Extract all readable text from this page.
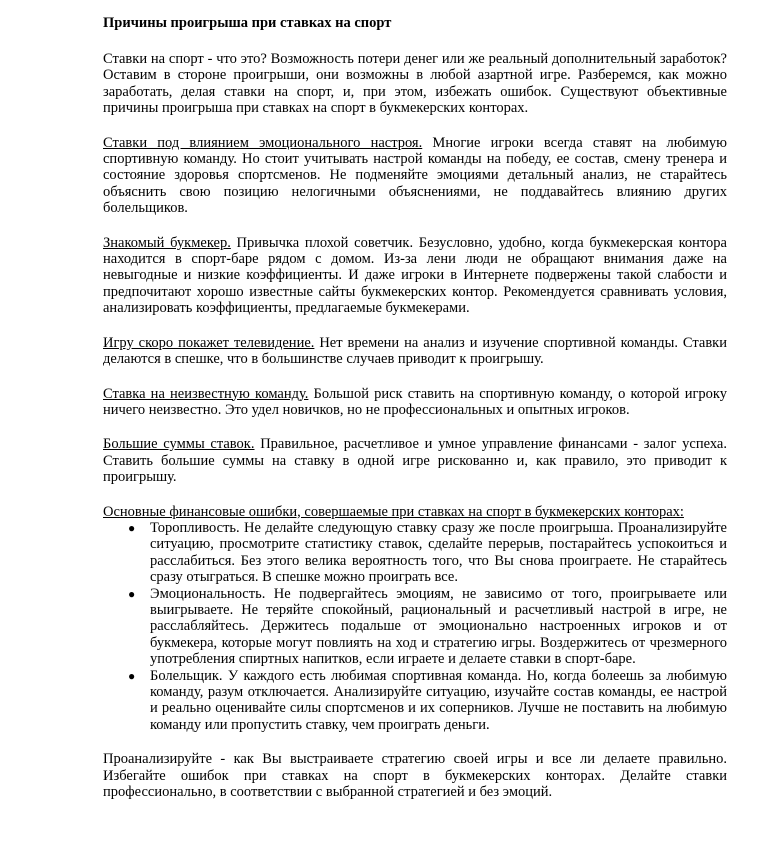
Причины проигрыша при ставках на спорт

Ставки на спорт - что это? Возможность потери денег или же реальный дополнительный заработок? Оставим в стороне проигрыши, они возможны в любой азартной игре. Разберемся, как можно заработать, делая ставки на спорт, и, при этом, избежать ошибок. Существуют объективные причины проигрыша при ставках на спорт в букмекерских конторах.

Ставки под влиянием эмоционального настроя. Многие игроки всегда ставят на любимую спортивную команду. Но стоит учитывать настрой команды на победу, ее состав, смену тренера и состояние здоровья спортсменов. Не подменяйте эмоциями детальный анализ, не старайтесь объяснить свою позицию нелогичными объяснениями, не поддавайтесь влиянию других болельщиков.

Знакомый букмекер. Привычка плохой советчик. Безусловно, удобно, когда букмекерская контора находится в спорт-баре рядом с домом. Из-за лени люди не обращают внимания даже на невыгодные и низкие коэффициенты. И даже игроки в Интернете подвержены такой слабости и предпочитают хорошо известные сайты букмекерских контор. Рекомендуется сравнивать условия, анализировать коэффициенты, предлагаемые букмекерами.

Игру скоро покажет телевидение. Нет времени на анализ и изучение спортивной команды. Ставки делаются в спешке, что в большинстве случаев приводит к проигрышу.

Ставка на неизвестную команду. Большой риск ставить на спортивную команду, о которой игроку ничего неизвестно. Это удел новичков, но не профессиональных и опытных игроков.

Большие суммы ставок. Правильное, расчетливое и умное управление финансами - залог успеха. Ставить большие суммы на ставку в одной игре рискованно и, как правило, это приводит к проигрышу.

Основные финансовые ошибки, совершаемые при ставках на спорт в букмекерских конторах:
● Торопливость. Не делайте следующую ставку сразу же после проигрыша. Проанализируйте ситуацию, просмотрите статистику ставок, сделайте перерыв, постарайтесь успокоиться и расслабиться. Без этого велика вероятность того, что Вы снова проиграете. Не старайтесь сразу отыграться. В спешке можно проиграть все.
● Эмоциональность. Не подвергайтесь эмоциям, не зависимо от того, проигрываете или выигрываете. Не теряйте спокойный, рациональный и расчетливый настрой в игре, не расслабляйтесь. Держитесь подальше от эмоционально настроенных игроков и от букмекера, которые могут повлиять на ход и стратегию игры. Воздержитесь от чрезмерного употребления спиртных напитков, если играете и делаете ставки в спорт-баре.
● Болельщик. У каждого есть любимая спортивная команда. Но, когда болеешь за любимую команду, разум отключается. Анализируйте ситуацию, изучайте состав команды, ее настрой и реально оценивайте силы спортсменов и их соперников. Лучше не поставить на любимую команду или пропустить ставку, чем проиграть деньги.

Проанализируйте - как Вы выстраиваете стратегию своей игры и все ли делаете правильно. Избегайте ошибок при ставках на спорт в букмекерских конторах. Делайте ставки профессионально, в соответствии с выбранной стратегией и без эмоций.
